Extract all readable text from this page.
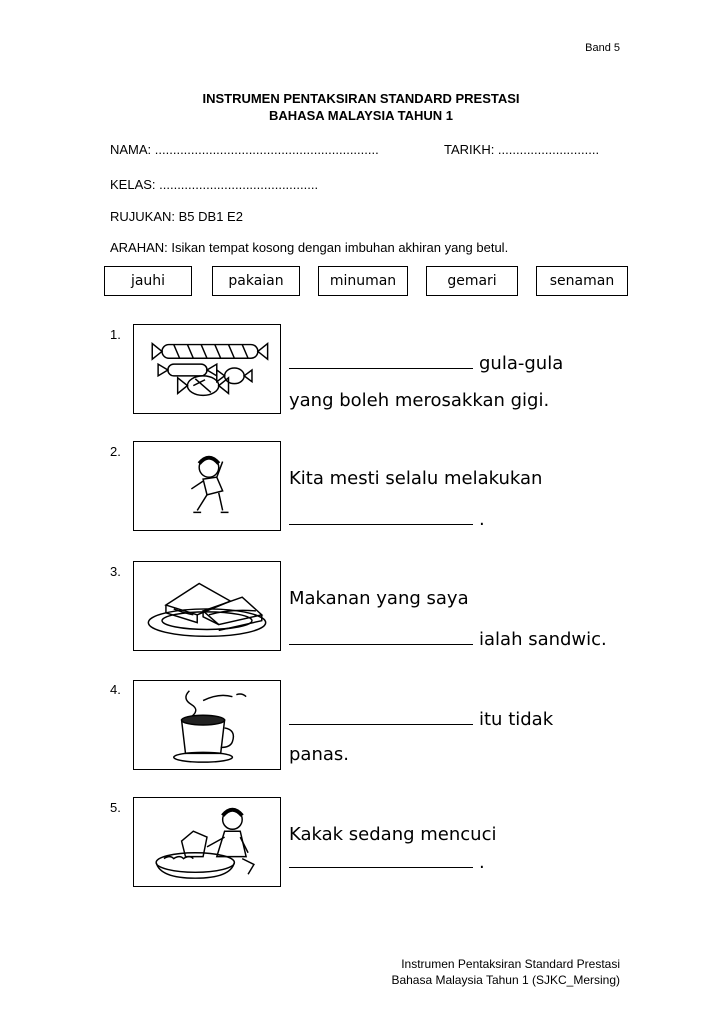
Band 5
INSTRUMEN PENTAKSIRAN STANDARD PRESTASI
BAHASA MALAYSIA TAHUN 1
NAMA: ..............................................................	TARIKH: ............................
KELAS: ............................................
RUJUKAN: B5 DB1 E2
ARAHAN: Isikan tempat kosong dengan imbuhan akhiran yang betul.
jauhi	pakaian	minuman	gemari	senaman
1.
gula-gula
yang boleh merosakkan gigi.
2.
Kita mesti selalu melakukan
.
3.
Makanan yang saya
ialah sandwic.
4.
itu tidak
panas.
5.
Kakak sedang mencuci
.
Instrumen Pentaksiran Standard Prestasi
Bahasa Malaysia Tahun 1 (SJKC_Mersing)
